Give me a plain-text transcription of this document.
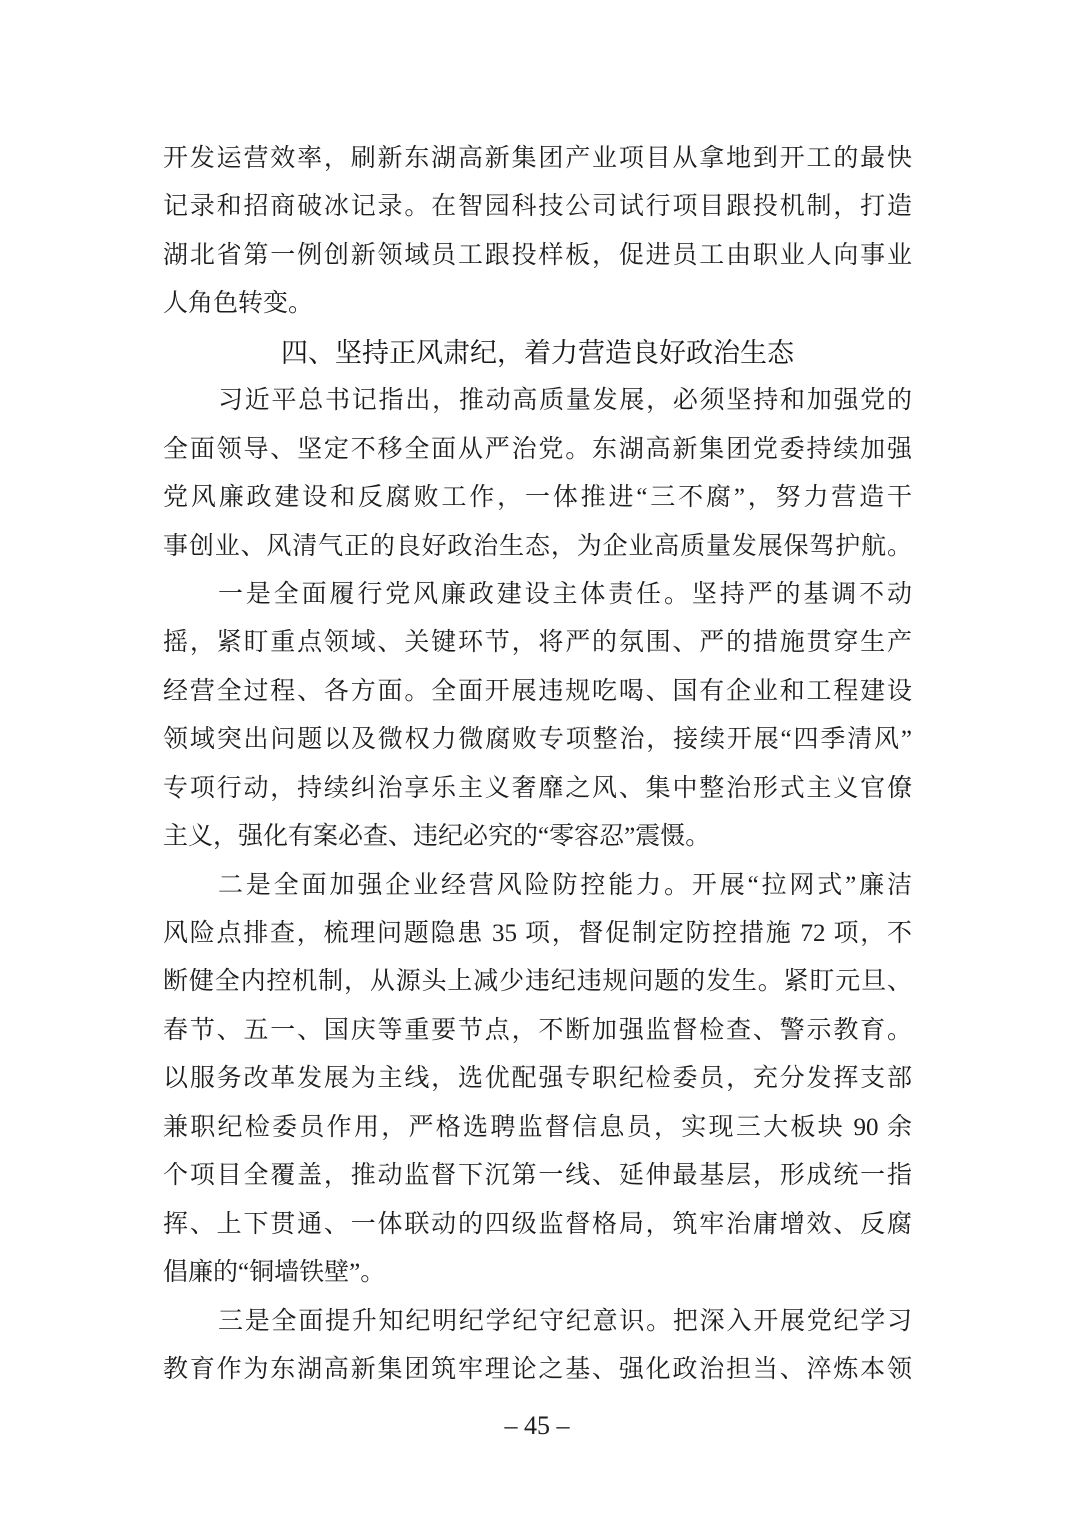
开发运营效率，刷新东湖高新集团产业项目从拿地到开工的最快
记录和招商破冰记录。在智园科技公司试行项目跟投机制，打造
湖北省第一例创新领域员工跟投样板，促进员工由职业人向事业
人角色转变。
四、坚持正风肃纪，着力营造良好政治生态
习近平总书记指出，推动高质量发展，必须坚持和加强党的
全面领导、坚定不移全面从严治党。东湖高新集团党委持续加强
党风廉政建设和反腐败工作，一体推进“三不腐”，努力营造干
事创业、风清气正的良好政治生态，为企业高质量发展保驾护航。
一是全面履行党风廉政建设主体责任。坚持严的基调不动
摇，紧盯重点领域、关键环节，将严的氛围、严的措施贯穿生产
经营全过程、各方面。全面开展违规吃喝、国有企业和工程建设
领域突出问题以及微权力微腐败专项整治，接续开展“四季清风”
专项行动，持续纠治享乐主义奢靡之风、集中整治形式主义官僚
主义，强化有案必查、违纪必究的“零容忍”震慑。
二是全面加强企业经营风险防控能力。开展“拉网式”廉洁
风险点排查，梳理问题隐患 35 项，督促制定防控措施 72 项，不
断健全内控机制，从源头上减少违纪违规问题的发生。紧盯元旦、
春节、五一、国庆等重要节点，不断加强监督检查、警示教育。
以服务改革发展为主线，选优配强专职纪检委员，充分发挥支部
兼职纪检委员作用，严格选聘监督信息员，实现三大板块 90 余
个项目全覆盖，推动监督下沉第一线、延伸最基层，形成统一指
挥、上下贯通、一体联动的四级监督格局，筑牢治庸增效、反腐
倡廉的“铜墙铁壁”。
三是全面提升知纪明纪学纪守纪意识。把深入开展党纪学习
教育作为东湖高新集团筑牢理论之基、强化政治担当、淬炼本领
– 45 –
